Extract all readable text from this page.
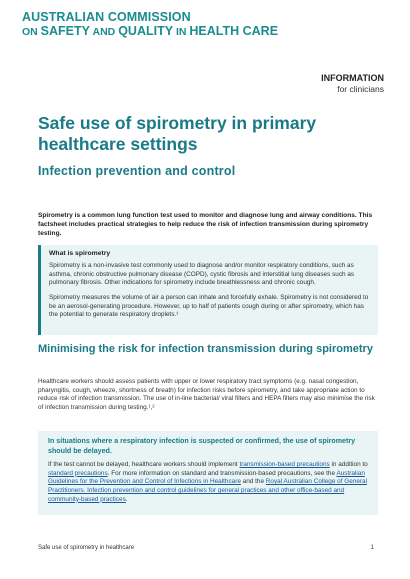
AUSTRALIAN COMMISSION
ON SAFETY AND QUALITY IN HEALTH CARE
INFORMATION
for clinicians
Safe use of spirometry in primary healthcare settings
Infection prevention and control

Spirometry is a common lung function test used to monitor and diagnose lung and airway conditions. This factsheet includes practical strategies to help reduce the risk of infection transmission during spirometry testing.

What is spirometry

Spirometry is a non-invasive test commonly used to diagnose and/or monitor respiratory conditions, such as asthma, chronic obstructive pulmonary disease (COPD), cystic fibrosis and interstitial lung diseases such as pulmonary fibrosis. Other indications for spirometry include breathlessness and chronic cough.

Spirometry measures the volume of air a person can inhale and forcefully exhale. Spirometry is not considered to be an aerosol-generating procedure. However, up to half of patients cough during or after spirometry, which has the potential to generate respiratory droplets.¹

Minimising the risk for infection transmission during spirometry

Healthcare workers should assess patients with upper or lower respiratory tract symptoms (e.g. nasal congestion, pharyngitis, cough, wheeze, shortness of breath) for infection risks before spirometry, and take appropriate action to reduce risk of infection transmission. The use of in-line bacterial/ viral filters and HEPA filters may also minimise the risk of infection transmission during testing.¹,²

In situations where a respiratory infection is suspected or confirmed, the use of spirometry should be delayed.

If the test cannot be delayed, healthcare workers should implement transmission-based precautions in addition to standard precautions. For more information on standard and transmission-based precautions, see the Australian Guidelines for the Prevention and Control of Infections in Healthcare and the Royal Australian College of General Practitioners. Infection prevention and control guidelines for general practices and other office-based and community-based practices.

Safe use of spirometry in healthcare	1
